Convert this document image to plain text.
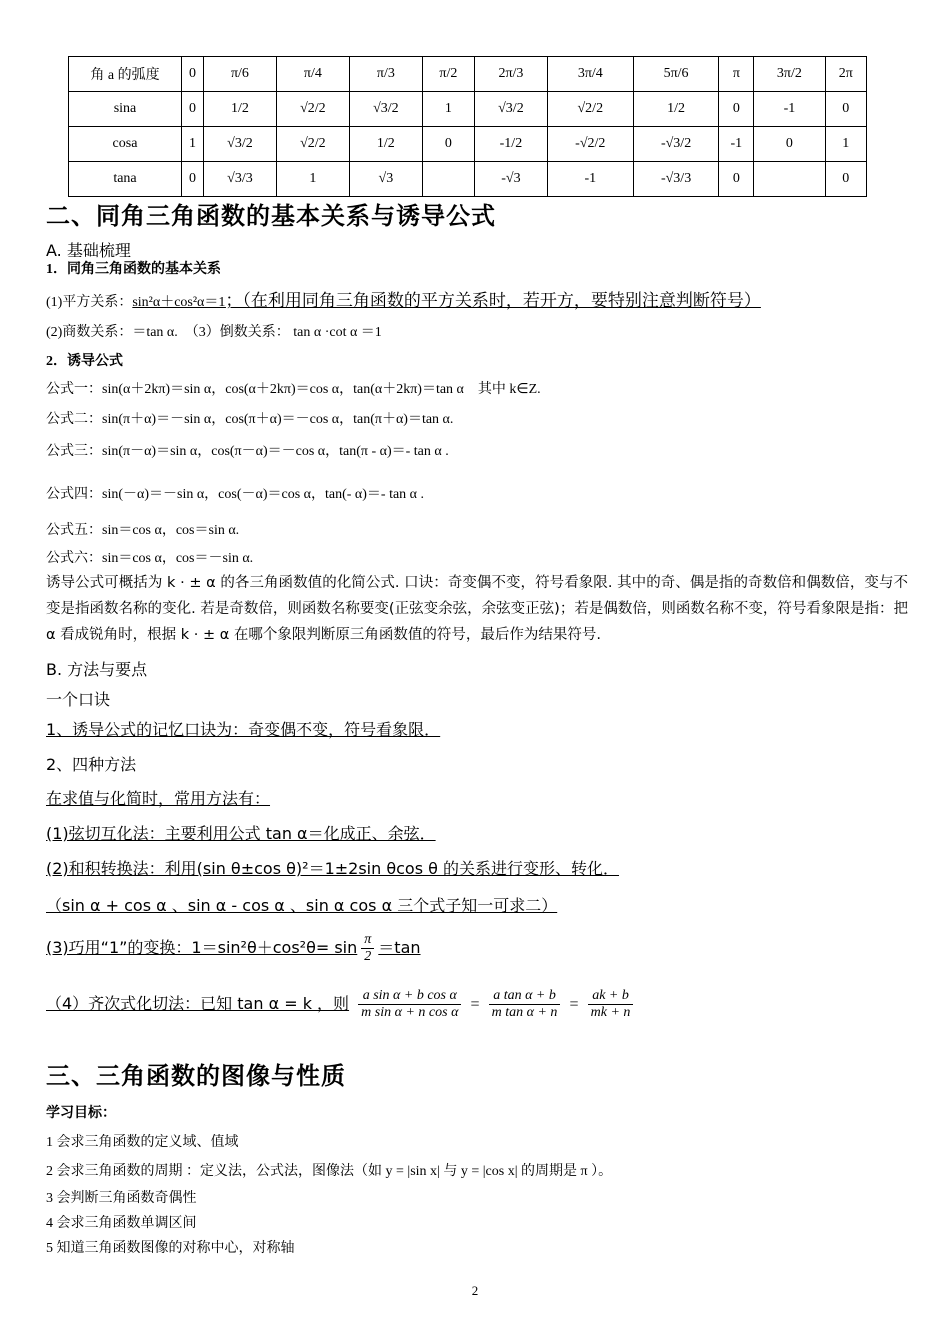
角 a 的弧度	0	π/6	π/4	π/3	π/2	2π/3	3π/4	5π/6	π	3π/2	2π
sina	0	1/2	√2/2	√3/2	1	√3/2	√2/2	1/2	0	-1	0
cosa	1	√3/2	√2/2	1/2	0	-1/2	-√2/2	-√3/2	-1	0	1
tana	0	√3/3	1	√3		-√3	-1	-√3/3	0		0
二、同角三角函数的基本关系与诱导公式
A. 基础梳理
1．同角三角函数的基本关系
(1)平方关系：sin²α＋cos²α＝1；（在利用同角三角函数的平方关系时，若开方，要特别注意判断符号）
(2)商数关系：＝tan α.　（3）倒数关系： tan α ·cot α ＝1
2．诱导公式
公式一：sin(α＋2kπ)＝sin α，cos(α＋2kπ)＝cos α，tan(α＋2kπ)＝tan α　其中 k∈Z.
公式二：sin(π＋α)＝－sin α，cos(π＋α)＝－cos α，tan(π＋α)＝tan α.
公式三：sin(π－α)＝sin α，cos(π－α)＝－cos α，tan(π - α)＝- tan α .
公式四：sin(－α)＝－sin α，cos(－α)＝cos α，tan(- α)＝- tan α .
公式五：sin＝cos α，cos＝sin α.
公式六：sin＝cos α，cos＝－sin α.
诱导公式可概括为 k · ± α 的各三角函数值的化简公式. 口诀：奇变偶不变，符号看象限. 其中的奇、偶是指的奇数倍和偶数倍，变与不变是指函数名称的变化. 若是奇数倍，则函数名称要变(正弦变余弦，余弦变正弦)；若是偶数倍，则函数名称不变，符号看象限是指：把 α 看成锐角时，根据 k · ± α 在哪个象限判断原三角函数值的符号，最后作为结果符号.
B. 方法与要点
一个口诀
1、诱导公式的记忆口诀为：奇变偶不变，符号看象限．
2、四种方法
在求值与化简时，常用方法有：
(1)弦切互化法：主要利用公式 tan α＝化成正、余弦．
(2)和积转换法：利用(sin θ±cos θ)²＝1±2sin θcos θ 的关系进行变形、转化．
（sin α + cos α 、sin α - cos α 、sin α cos α 三个式子知一可求二）
(3)巧用“1”的变换：$1=\sin^2\theta+\cos^2\theta= \sin \frac{\pi}{2} =\tan$
（4）齐次式化切法：已知 tan α = k ，则 $\frac{\text{a sin α + b cos α}}{\text{m sin α + n cos α}} = \frac{\text{a tan α + b}}{\text{m tan α + n}} = \frac{ak + b}{mk + n}$
三、三角函数的图像与性质
学习目标：
1 会求三角函数的定义域、值域
2 会求三角函数的周期 ：定义法，公式法，图像法（如 y = |sin x| 与 y = |cos x| 的周期是 π ）。
3 会判断三角函数奇偶性
4 会求三角函数单调区间
5 知道三角函数图像的对称中心，对称轴
2
